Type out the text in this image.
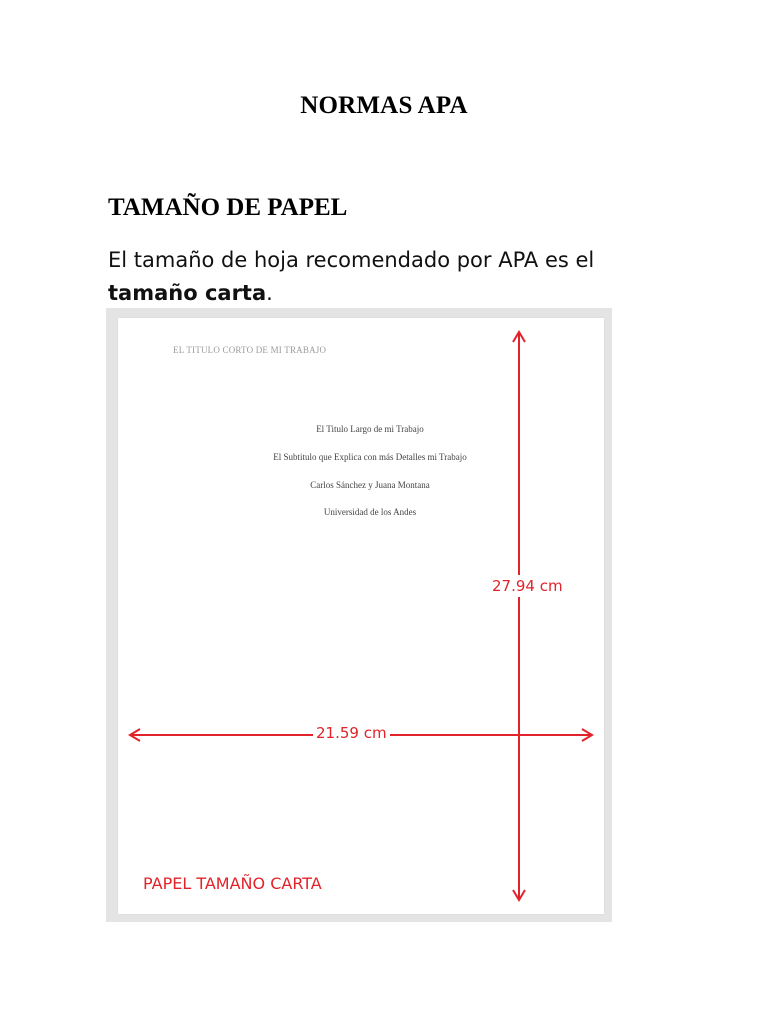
NORMAS APA
TAMAÑO DE PAPEL
El tamaño de hoja recomendado por APA es el tamaño carta.
EL TITULO CORTO DE MI TRABAJO
El Titulo Largo de mi Trabajo
El Subtitulo que Explica con más Detalles mi Trabajo
Carlos Sánchez y Juana Montana
Universidad de los Andes
27.94 cm
21.59 cm
PAPEL TAMAÑO CARTA
